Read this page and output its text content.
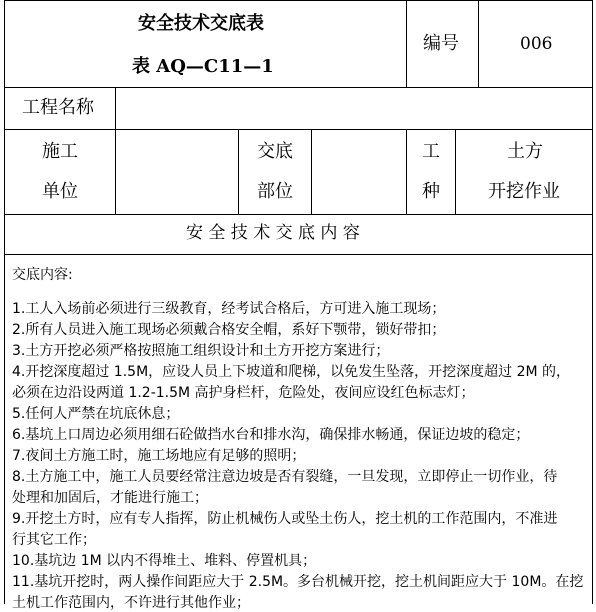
安全技术交底表
表 AQ—C11—1
编号	006
工程名称
施工
单位
交底
部位
工
种
土方
开挖作业
安 全 技 术 交 底 内 容
交底内容:
1.工人入场前必须进行三级教育，经考试合格后，方可进入施工现场；
2.所有人员进入施工现场必须戴合格安全帽，系好下颚带，锁好带扣；
3.土方开挖必须严格按照施工组织设计和土方开挖方案进行；
4.开挖深度超过 1.5M，应设人员上下坡道和爬梯，以免发生坠落，开挖深度超过 2M 的，
必须在边沿设两道 1.2-1.5M 高护身栏杆，危险处，夜间应设红色标志灯；
5.任何人严禁在坑底休息；
6.基坑上口周边必须用细石砼做挡水台和排水沟，确保排水畅通，保证边坡的稳定；
7.夜间土方施工时，施工场地应有足够的照明；
8.土方施工中，施工人员要经常注意边坡是否有裂缝，一旦发现，立即停止一切作业，待
处理和加固后，才能进行施工；
9.开挖土方时，应有专人指挥，防止机械伤人或坠土伤人，挖土机的工作范围内，不准进
行其它工作；
10.基坑边 1M 以内不得堆土、堆料、停置机具；
11.基坑开挖时，两人操作间距应大于 2.5M。多台机械开挖，挖土机间距应大于 10M。在挖
土机工作范围内，不许进行其他作业；
